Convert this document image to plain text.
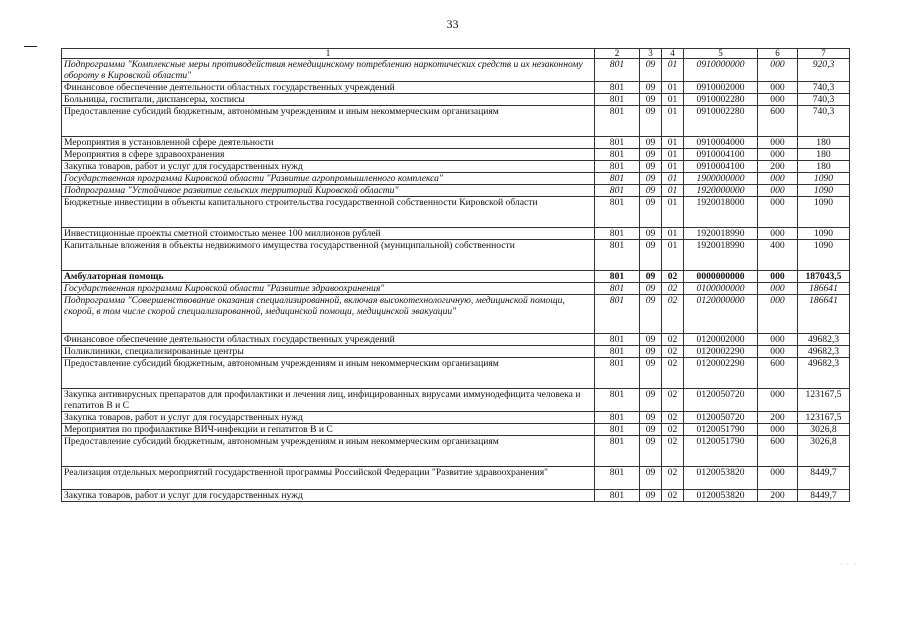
33
1	2	3	4	5	6	7
Подпрограмма "Комплексные меры противодействия немедицинскому потреблению наркотических средств и их незаконному обороту в Кировской области"	801	09	01	0910000000	000	920,3
Финансовое обеспечение деятельности областных государственных учреждений	801	09	01	0910002000	000	740,3
Больницы, госпитали, диспансеры, хосписы	801	09	01	0910002280	000	740,3
Предоставление субсидий бюджетным, автономным учреждениям и иным некоммерческим организациям	801	09	01	0910002280	600	740,3
Мероприятия в установленной сфере деятельности	801	09	01	0910004000	000	180
Мероприятия в сфере здравоохранения	801	09	01	0910004100	000	180
Закупка товаров, работ и услуг для государственных нужд	801	09	01	0910004100	200	180
Государственная программа Кировской области "Развитие агропромышленного комплекса"	801	09	01	1900000000	000	1090
Подпрограмма "Устойчивое развитие сельских территорий Кировской области"	801	09	01	1920000000	000	1090
Бюджетные инвестиции в объекты капитального строительства государственной собственности Кировской области	801	09	01	1920018000	000	1090
Инвестиционные проекты сметной стоимостью менее 100 миллионов рублей	801	09	01	1920018990	000	1090
Капитальные вложения в объекты недвижимого имущества государственной (муниципальной) собственности	801	09	01	1920018990	400	1090
Амбулаторная помощь	801	09	02	0000000000	000	187043,5
Государственная программа Кировской области "Развитие здравоохранения"	801	09	02	0100000000	000	186641
Подпрограмма "Совершенствование оказания специализированной, включая высокотехнологичную, медицинской помощи, скорой, в том числе скорой специализированной, медицинской помощи, медицинской эвакуации"	801	09	02	0120000000	000	186641
Финансовое обеспечение деятельности областных государственных учреждений	801	09	02	0120002000	000	49682,3
Поликлиники, специализированные центры	801	09	02	0120002290	000	49682,3
Предоставление субсидий бюджетным, автономным учреждениям и иным некоммерческим организациям	801	09	02	0120002290	600	49682,3
Закупка антивирусных препаратов для профилактики и лечения лиц, инфицированных вирусами иммунодефицита человека и гепатитов В и С	801	09	02	0120050720	000	123167,5
Закупка товаров, работ и услуг для государственных нужд	801	09	02	0120050720	200	123167,5
Мероприятия по профилактике ВИЧ-инфекции и гепатитов В и С	801	09	02	0120051790	000	3026,8
Предоставление субсидий бюджетным, автономным учреждениям и иным некоммерческим организациям	801	09	02	0120051790	600	3026,8
Реализация отдельных мероприятий государственной программы Российской Федерации "Развитие здравоохранения"	801	09	02	0120053820	000	8449,7
Закупка товаров, работ и услуг для государственных нужд	801	09	02	0120053820	200	8449,7
· · ·
